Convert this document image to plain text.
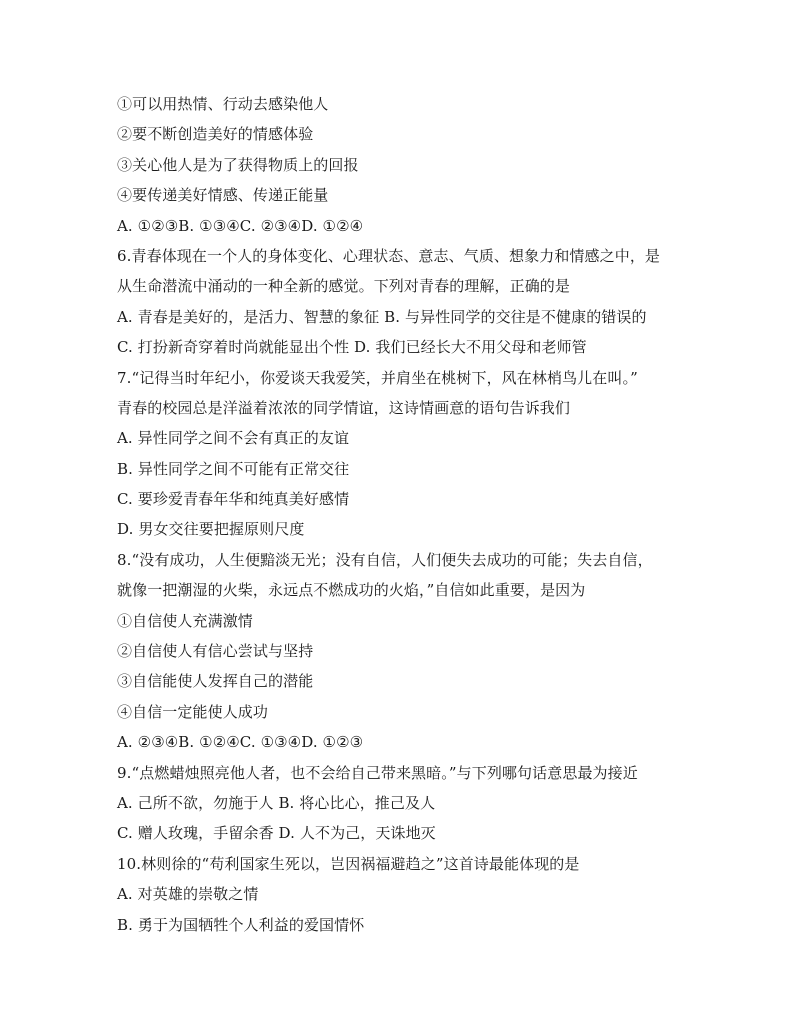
①可以用热情、行动去感染他人
②要不断创造美好的情感体验
③关心他人是为了获得物质上的回报
④要传递美好情感、传递正能量
A. ①②③B. ①③④C. ②③④D. ①②④
6.青春体现在一个人的身体变化、心理状态、意志、气质、想象力和情感之中，是
从生命潜流中涌动的一种全新的感觉。下列对青春的理解，正确的是
A. 青春是美好的，是活力、智慧的象征 B. 与异性同学的交往是不健康的错误的
C. 打扮新奇穿着时尚就能显出个性 D. 我们已经长大不用父母和老师管
7.“记得当时年纪小，你爱谈天我爱笑，并肩坐在桃树下，风在林梢鸟儿在叫。”
青春的校园总是洋溢着浓浓的同学情谊，这诗情画意的语句告诉我们
A. 异性同学之间不会有真正的友谊
B. 异性同学之间不可能有正常交往
C. 要珍爱青春年华和纯真美好感情
D. 男女交往要把握原则尺度
8.“没有成功，人生便黯淡无光；没有自信，人们便失去成功的可能；失去自信，
就像一把潮湿的火柴，永远点不燃成功的火焰，”自信如此重要，是因为
①自信使人充满激情
②自信使人有信心尝试与坚持
③自信能使人发挥自己的潜能
④自信一定能使人成功
A. ②③④B. ①②④C. ①③④D. ①②③
9.“点燃蜡烛照亮他人者，也不会给自己带来黑暗。”与下列哪句话意思最为接近
A. 己所不欲，勿施于人 B. 将心比心，推己及人
C. 赠人玫瑰，手留余香 D. 人不为己，天诛地灭
10.林则徐的“苟利国家生死以，岂因祸福避趋之”这首诗最能体现的是
A. 对英雄的崇敬之情
B. 勇于为国牺牲个人利益的爱国情怀
